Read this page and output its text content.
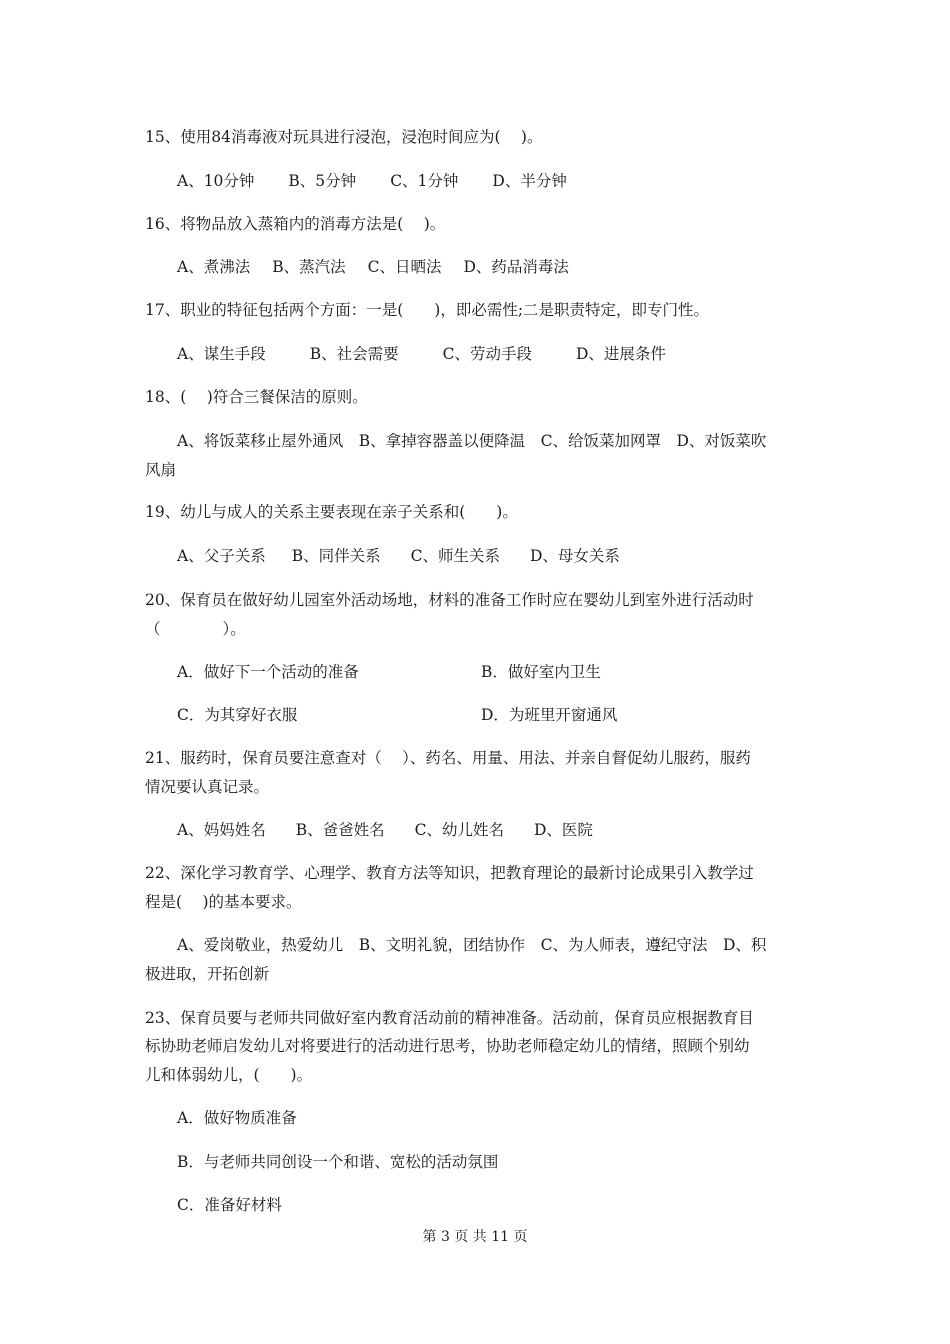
15、使用84消毒液对玩具进行浸泡，浸泡时间应为(　 )。
A、10分钟 B、5分钟 C、1分钟 D、半分钟
16、将物品放入蒸箱内的消毒方法是(　 )。
A、煮沸法 B、蒸汽法 C、日晒法 D、药品消毒法
17、职业的特征包括两个方面：一是(　　)，即必需性;二是职责特定，即专门性。
A、谋生手段	B、社会需要	C、劳动手段	D、进展条件
18、(　 )符合三餐保洁的原则。
A、将饭菜移止屋外通风　B、拿掉容器盖以便降温　C、给饭菜加网罩　D、对饭菜吹
风扇
19、幼儿与成人的关系主要表现在亲子关系和(　　)。
A、父子关系 B、同伴关系 C、师生关系 D、母女关系
20、保育员在做好幼儿园室外活动场地，材料的准备工作时应在婴幼儿到室外进行活动时
（　　　　）。
A．做好下一个活动的准备	B．做好室内卫生
C．为其穿好衣服	D．为班里开窗通风
21、服药时，保育员要注意查对（　 ）、药名、用量、用法、并亲自督促幼儿服药，服药
情况要认真记录。
A、妈妈姓名 B、爸爸姓名 C、幼儿姓名 D、医院
22、深化学习教育学、心理学、教育方法等知识，把教育理论的最新讨论成果引入教学过
程是(　 )的基本要求。
A、爱岗敬业，热爱幼儿　B、文明礼貌，团结协作　C、为人师表，遵纪守法　D、积
极进取，开拓创新
23、保育员要与老师共同做好室内教育活动前的精神准备。活动前，保育员应根据教育目
标协助老师启发幼儿对将要进行的活动进行思考，协助老师稳定幼儿的情绪，照顾个别幼
儿和体弱幼儿，(　　)。
A．做好物质准备
B．与老师共同创设一个和谐、宽松的活动氛围
C．准备好材料
第 3 页 共 11 页
